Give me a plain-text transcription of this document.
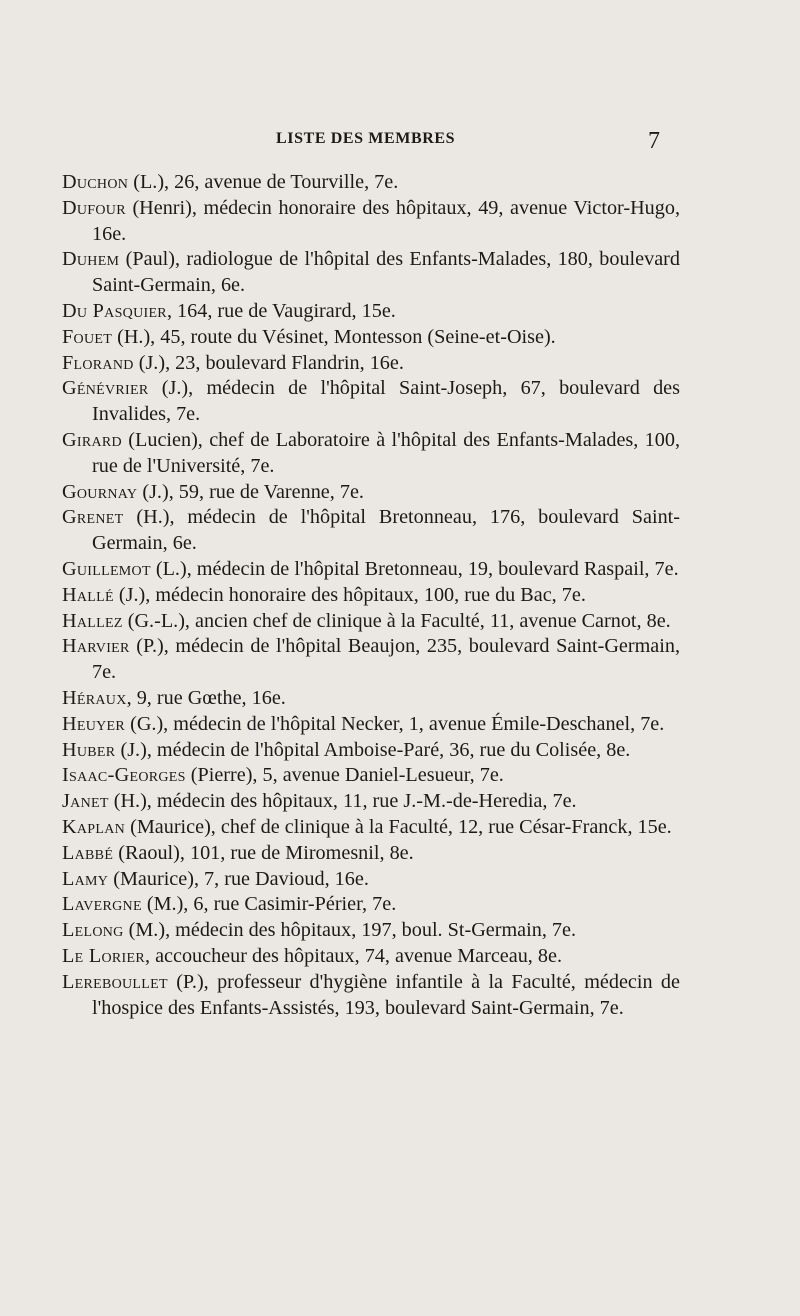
LISTE DES MEMBRES	7

Duchon (L.), 26, avenue de Tourville, 7e.

Dufour (Henri), médecin honoraire des hôpitaux, 49, avenue Victor-Hugo, 16e.

Duhem (Paul), radiologue de l'hôpital des Enfants-Malades, 180, boulevard Saint-Germain, 6e.

Du Pasquier, 164, rue de Vaugirard, 15e.

Fouet (H.), 45, route du Vésinet, Montesson (Seine-et-Oise).

Florand (J.), 23, boulevard Flandrin, 16e.

Génévrier (J.), médecin de l'hôpital Saint-Joseph, 67, boulevard des Invalides, 7e.

Girard (Lucien), chef de Laboratoire à l'hôpital des Enfants-Malades, 100, rue de l'Université, 7e.

Gournay (J.), 59, rue de Varenne, 7e.

Grenet (H.), médecin de l'hôpital Bretonneau, 176, boulevard Saint-Germain, 6e.

Guillemot (L.), médecin de l'hôpital Bretonneau, 19, boulevard Raspail, 7e.

Hallé (J.), médecin honoraire des hôpitaux, 100, rue du Bac, 7e.

Hallez (G.-L.), ancien chef de clinique à la Faculté, 11, avenue Carnot, 8e.

Harvier (P.), médecin de l'hôpital Beaujon, 235, boulevard Saint-Germain, 7e.

Héraux, 9, rue Gœthe, 16e.

Heuyer (G.), médecin de l'hôpital Necker, 1, avenue Émile-Deschanel, 7e.

Huber (J.), médecin de l'hôpital Amboise-Paré, 36, rue du Colisée, 8e.

Isaac-Georges (Pierre), 5, avenue Daniel-Lesueur, 7e.

Janet (H.), médecin des hôpitaux, 11, rue J.-M.-de-Heredia, 7e.

Kaplan (Maurice), chef de clinique à la Faculté, 12, rue César-Franck, 15e.

Labbé (Raoul), 101, rue de Miromesnil, 8e.

Lamy (Maurice), 7, rue Davioud, 16e.

Lavergne (M.), 6, rue Casimir-Périer, 7e.

Lelong (M.), médecin des hôpitaux, 197, boul. St-Germain, 7e.

Le Lorier, accoucheur des hôpitaux, 74, avenue Marceau, 8e.

Lereboullet (P.), professeur d'hygiène infantile à la Faculté, médecin de l'hospice des Enfants-Assistés, 193, boulevard Saint-Germain, 7e.
